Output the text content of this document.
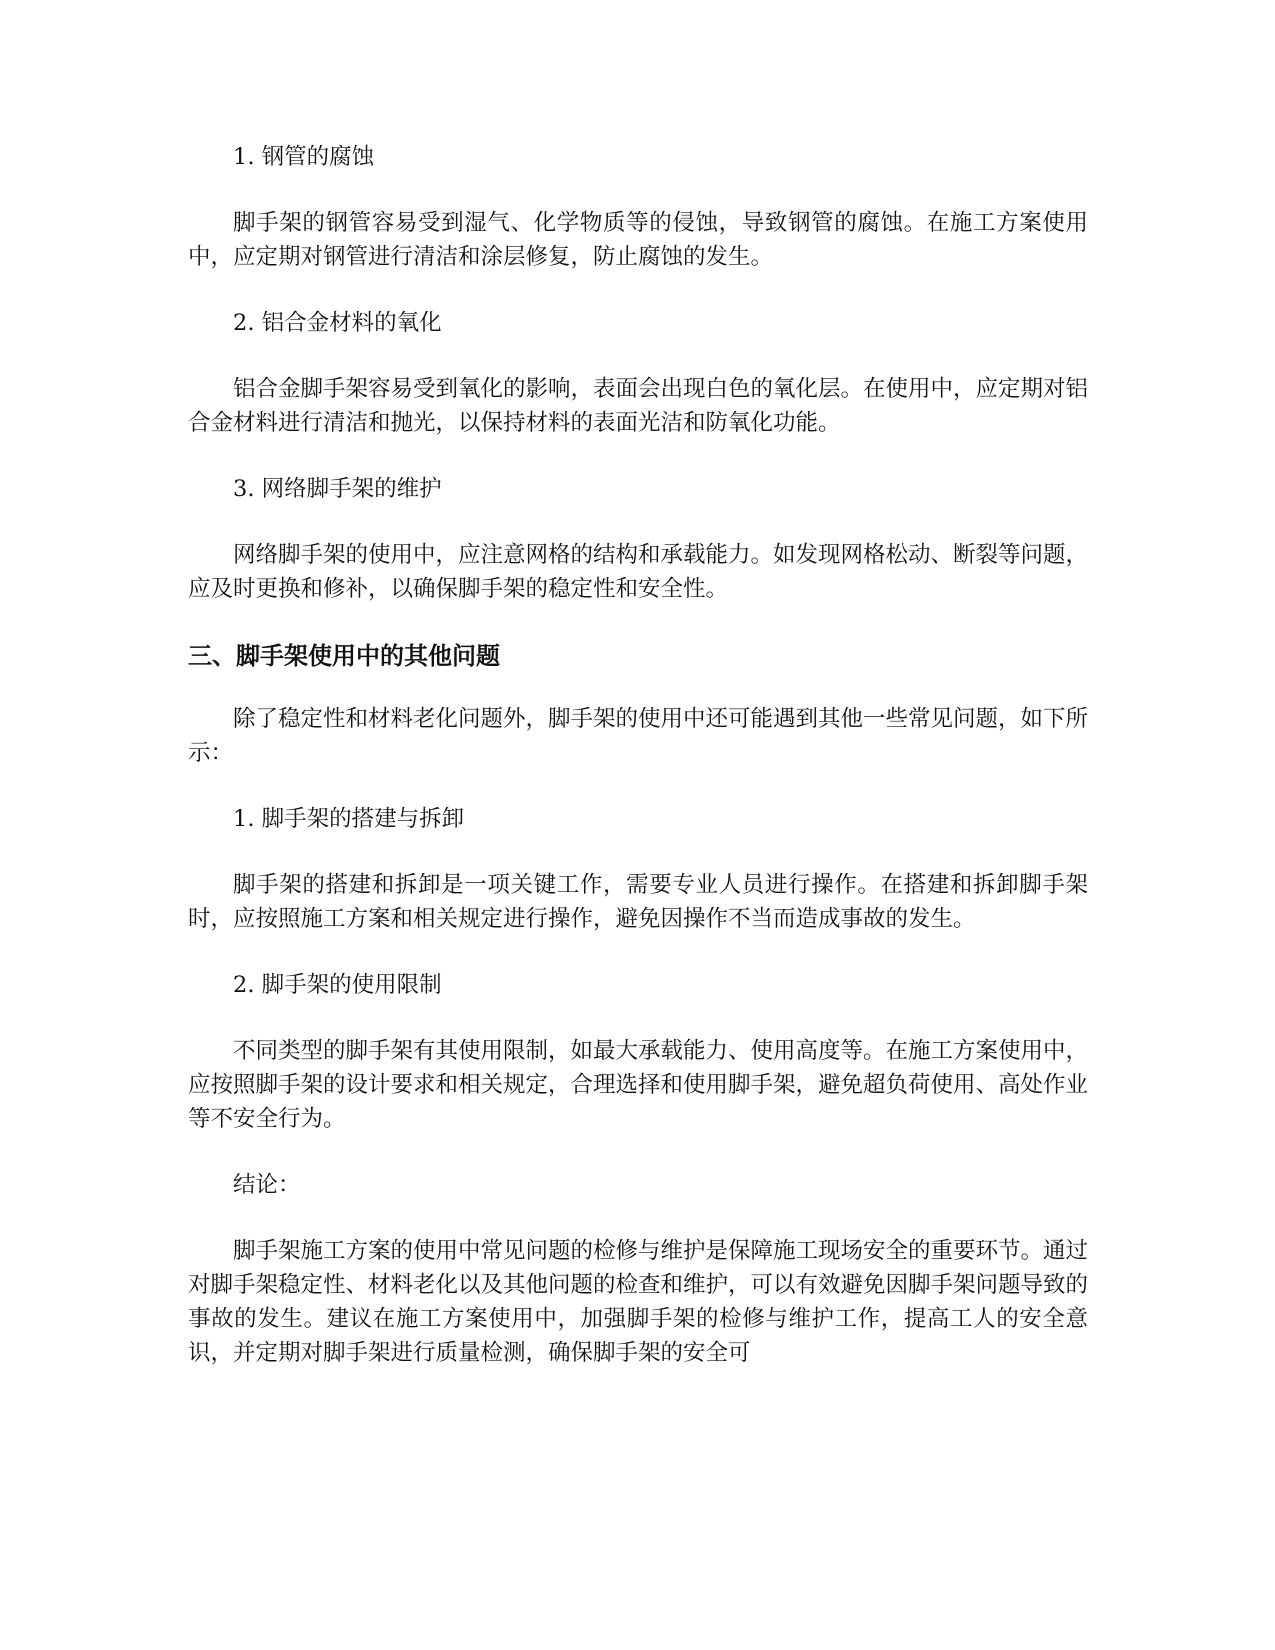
1. 钢管的腐蚀

脚手架的钢管容易受到湿气、化学物质等的侵蚀，导致钢管的腐蚀。在施工方案使用中，应定期对钢管进行清洁和涂层修复，防止腐蚀的发生。

2. 铝合金材料的氧化

铝合金脚手架容易受到氧化的影响，表面会出现白色的氧化层。在使用中，应定期对铝合金材料进行清洁和抛光，以保持材料的表面光洁和防氧化功能。

3. 网络脚手架的维护

网络脚手架的使用中，应注意网格的结构和承载能力。如发现网格松动、断裂等问题，应及时更换和修补，以确保脚手架的稳定性和安全性。

三、脚手架使用中的其他问题

除了稳定性和材料老化问题外，脚手架的使用中还可能遇到其他一些常见问题，如下所示：

1. 脚手架的搭建与拆卸

脚手架的搭建和拆卸是一项关键工作，需要专业人员进行操作。在搭建和拆卸脚手架时，应按照施工方案和相关规定进行操作，避免因操作不当而造成事故的发生。

2. 脚手架的使用限制

不同类型的脚手架有其使用限制，如最大承载能力、使用高度等。在施工方案使用中，应按照脚手架的设计要求和相关规定，合理选择和使用脚手架，避免超负荷使用、高处作业等不安全行为。

结论：

脚手架施工方案的使用中常见问题的检修与维护是保障施工现场安全的重要环节。通过对脚手架稳定性、材料老化以及其他问题的检查和维护，可以有效避免因脚手架问题导致的事故的发生。建议在施工方案使用中，加强脚手架的检修与维护工作，提高工人的安全意识，并定期对脚手架进行质量检测，确保脚手架的安全可
